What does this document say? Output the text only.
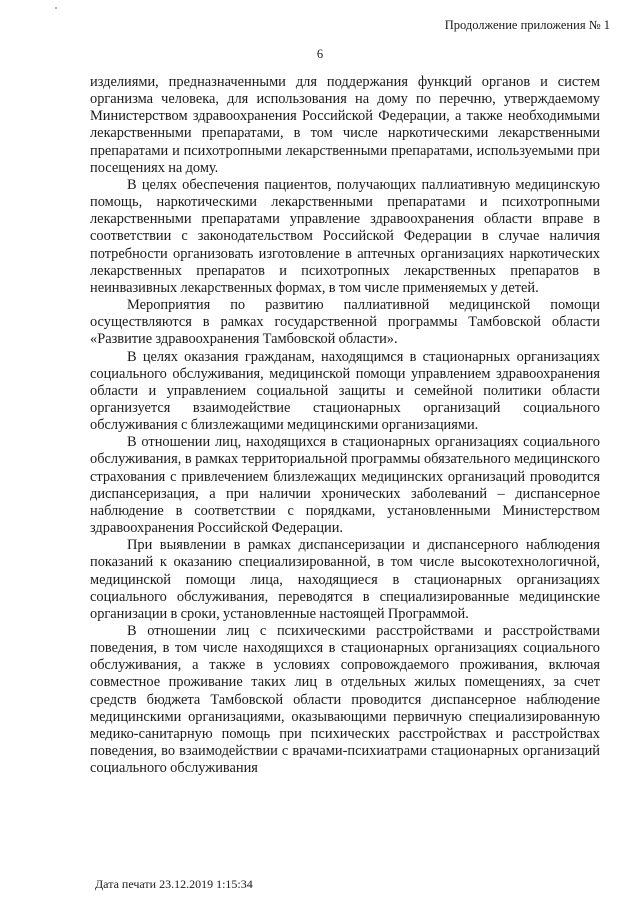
Продолжение приложения № 1
6

изделиями, предназначенными для поддержания функций органов и систем организма человека, для использования на дому по перечню, утверждаемому Министерством здравоохранения Российской Федерации, а также необходимыми лекарственными препаратами, в том числе наркотическими лекарственными препаратами и психотропными лекарственными препаратами, используемыми при посещениях на дому.

В целях обеспечения пациентов, получающих паллиативную медицинскую помощь, наркотическими лекарственными препаратами и психотропными лекарственными препаратами управление здравоохранения области вправе в соответствии с законодательством Российской Федерации в случае наличия потребности организовать изготовление в аптечных организациях наркотических лекарственных препаратов и психотропных лекарственных препаратов в неинвазивных лекарственных формах, в том числе применяемых у детей.

Мероприятия по развитию паллиативной медицинской помощи осуществляются в рамках государственной программы Тамбовской области «Развитие здравоохранения Тамбовской области».

В целях оказания гражданам, находящимся в стационарных организациях социального обслуживания, медицинской помощи управлением здравоохранения области и управлением социальной защиты и семейной политики области организуется взаимодействие стационарных организаций социального обслуживания с близлежащими медицинскими организациями.

В отношении лиц, находящихся в стационарных организациях социального обслуживания, в рамках территориальной программы обязательного медицинского страхования с привлечением близлежащих медицинских организаций проводится диспансеризация, а при наличии хронических заболеваний – диспансерное наблюдение в соответствии с порядками, установленными Министерством здравоохранения Российской Федерации.

При выявлении в рамках диспансеризации и диспансерного наблюдения показаний к оказанию специализированной, в том числе высокотехнологичной, медицинской помощи лица, находящиеся в стационарных организациях социального обслуживания, переводятся в специализированные медицинские организации в сроки, установленные настоящей Программой.

В отношении лиц с психическими расстройствами и расстройствами поведения, в том числе находящихся в стационарных организациях социального обслуживания, а также в условиях сопровождаемого проживания, включая совместное проживание таких лиц в отдельных жилых помещениях, за счет средств бюджета Тамбовской области проводится диспансерное наблюдение медицинскими организациями, оказывающими первичную специализированную медико-санитарную помощь при психических расстройствах и расстройствах поведения, во взаимодействии с врачами-психиатрами стационарных организаций социального обслуживания

Дата печати 23.12.2019 1:15:34
